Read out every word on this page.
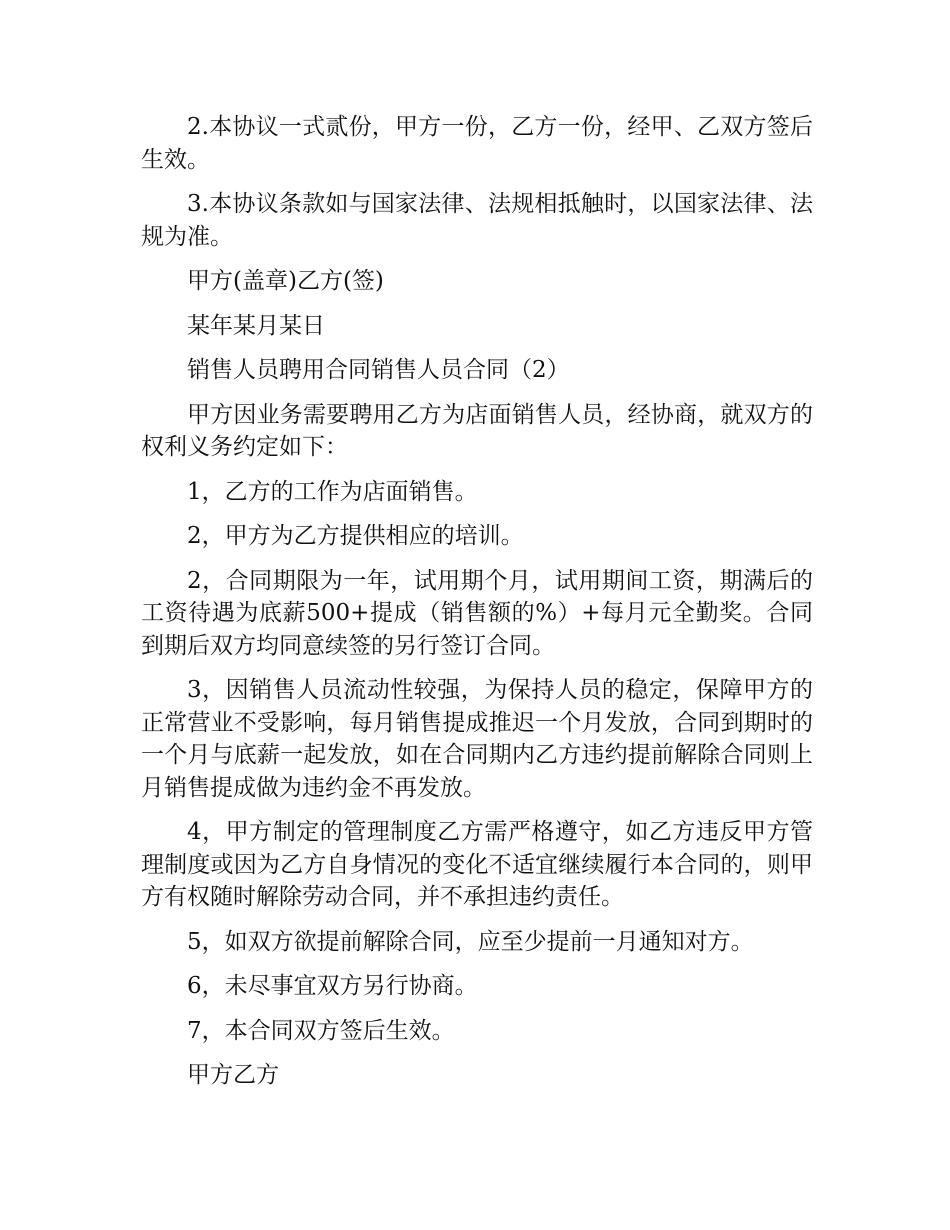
2.本协议一式贰份，甲方一份，乙方一份，经甲、乙双方签后生效。

3.本协议条款如与国家法律、法规相抵触时，以国家法律、法规为准。

甲方(盖章)乙方(签)

某年某月某日

销售人员聘用合同销售人员合同（2）

甲方因业务需要聘用乙方为店面销售人员，经协商，就双方的权利义务约定如下：

1，乙方的工作为店面销售。

2，甲方为乙方提供相应的培训。

2，合同期限为一年，试用期个月，试用期间工资，期满后的工资待遇为底薪500+提成（销售额的%）+每月元全勤奖。合同到期后双方均同意续签的另行签订合同。

3，因销售人员流动性较强，为保持人员的稳定，保障甲方的正常营业不受影响，每月销售提成推迟一个月发放，合同到期时的一个月与底薪一起发放，如在合同期内乙方违约提前解除合同则上月销售提成做为违约金不再发放。

4，甲方制定的管理制度乙方需严格遵守，如乙方违反甲方管理制度或因为乙方自身情况的变化不适宜继续履行本合同的，则甲方有权随时解除劳动合同，并不承担违约责任。

5，如双方欲提前解除合同，应至少提前一月通知对方。

6，未尽事宜双方另行协商。

7，本合同双方签后生效。

甲方乙方
